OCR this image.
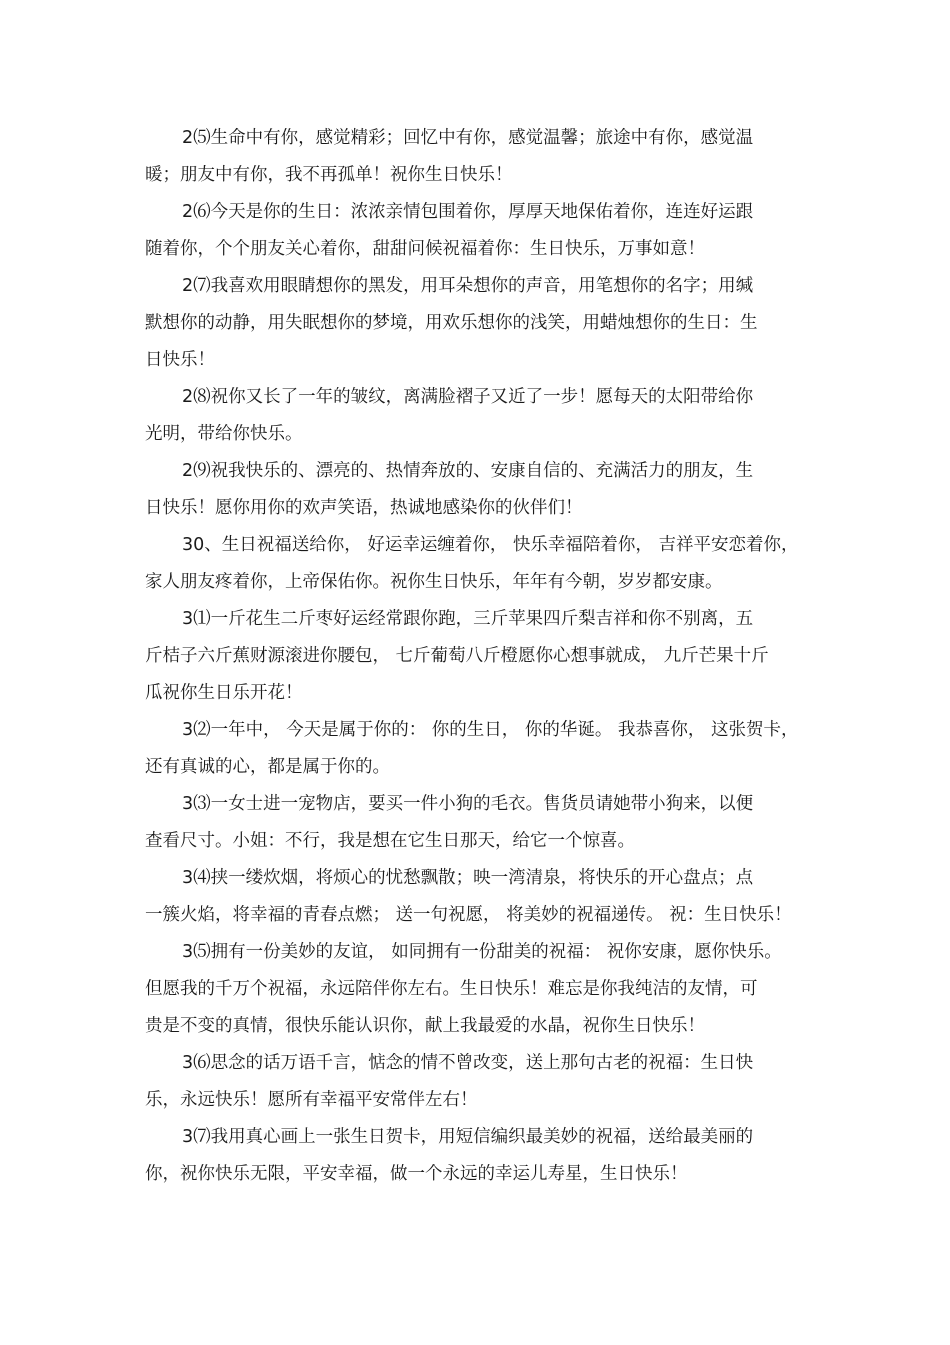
2⑸生命中有你，感觉精彩；回忆中有你，感觉温馨；旅途中有你，感觉温
暖；朋友中有你，我不再孤单！祝你生日快乐！

2⑹今天是你的生日：浓浓亲情包围着你，厚厚天地保佑着你，连连好运跟
随着你，个个朋友关心着你，甜甜问候祝福着你：生日快乐，万事如意！

2⑺我喜欢用眼睛想你的黑发，用耳朵想你的声音，用笔想你的名字；用缄
默想你的动静，用失眠想你的梦境，用欢乐想你的浅笑，用蜡烛想你的生日：生
日快乐！

2⑻祝你又长了一年的皱纹，离满脸褶子又近了一步！愿每天的太阳带给你
光明，带给你快乐。

2⑼祝我快乐的、漂亮的、热情奔放的、安康自信的、充满活力的朋友，生
日快乐！愿你用你的欢声笑语，热诚地感染你的伙伴们！

30、生日祝福送给你， 好运幸运缠着你， 快乐幸福陪着你， 吉祥平安恋着你，
家人朋友疼着你，上帝保佑你。祝你生日快乐，年年有今朝，岁岁都安康。

3⑴一斤花生二斤枣好运经常跟你跑，三斤苹果四斤梨吉祥和你不别离，五
斤桔子六斤蕉财源滚进你腰包， 七斤葡萄八斤橙愿你心想事就成， 九斤芒果十斤
瓜祝你生日乐开花！

3⑵一年中， 今天是属于你的： 你的生日， 你的华诞。 我恭喜你， 这张贺卡，
还有真诚的心，都是属于你的。

3⑶一女士进一宠物店，要买一件小狗的毛衣。售货员请她带小狗来，以便
查看尺寸。小姐：不行，我是想在它生日那天，给它一个惊喜。

3⑷挟一缕炊烟，将烦心的忧愁飘散；映一湾清泉，将快乐的开心盘点；点
一簇火焰，将幸福的青春点燃； 送一句祝愿， 将美妙的祝福递传。 祝：生日快乐！

3⑸拥有一份美妙的友谊， 如同拥有一份甜美的祝福： 祝你安康，愿你快乐。
但愿我的千万个祝福，永远陪伴你左右。生日快乐！难忘是你我纯洁的友情，可
贵是不变的真情，很快乐能认识你，献上我最爱的水晶，祝你生日快乐！

3⑹思念的话万语千言，惦念的情不曾改变，送上那句古老的祝福：生日快
乐，永远快乐！愿所有幸福平安常伴左右！

3⑺我用真心画上一张生日贺卡，用短信编织最美妙的祝福，送给最美丽的
你，祝你快乐无限，平安幸福，做一个永远的幸运儿寿星，生日快乐！
